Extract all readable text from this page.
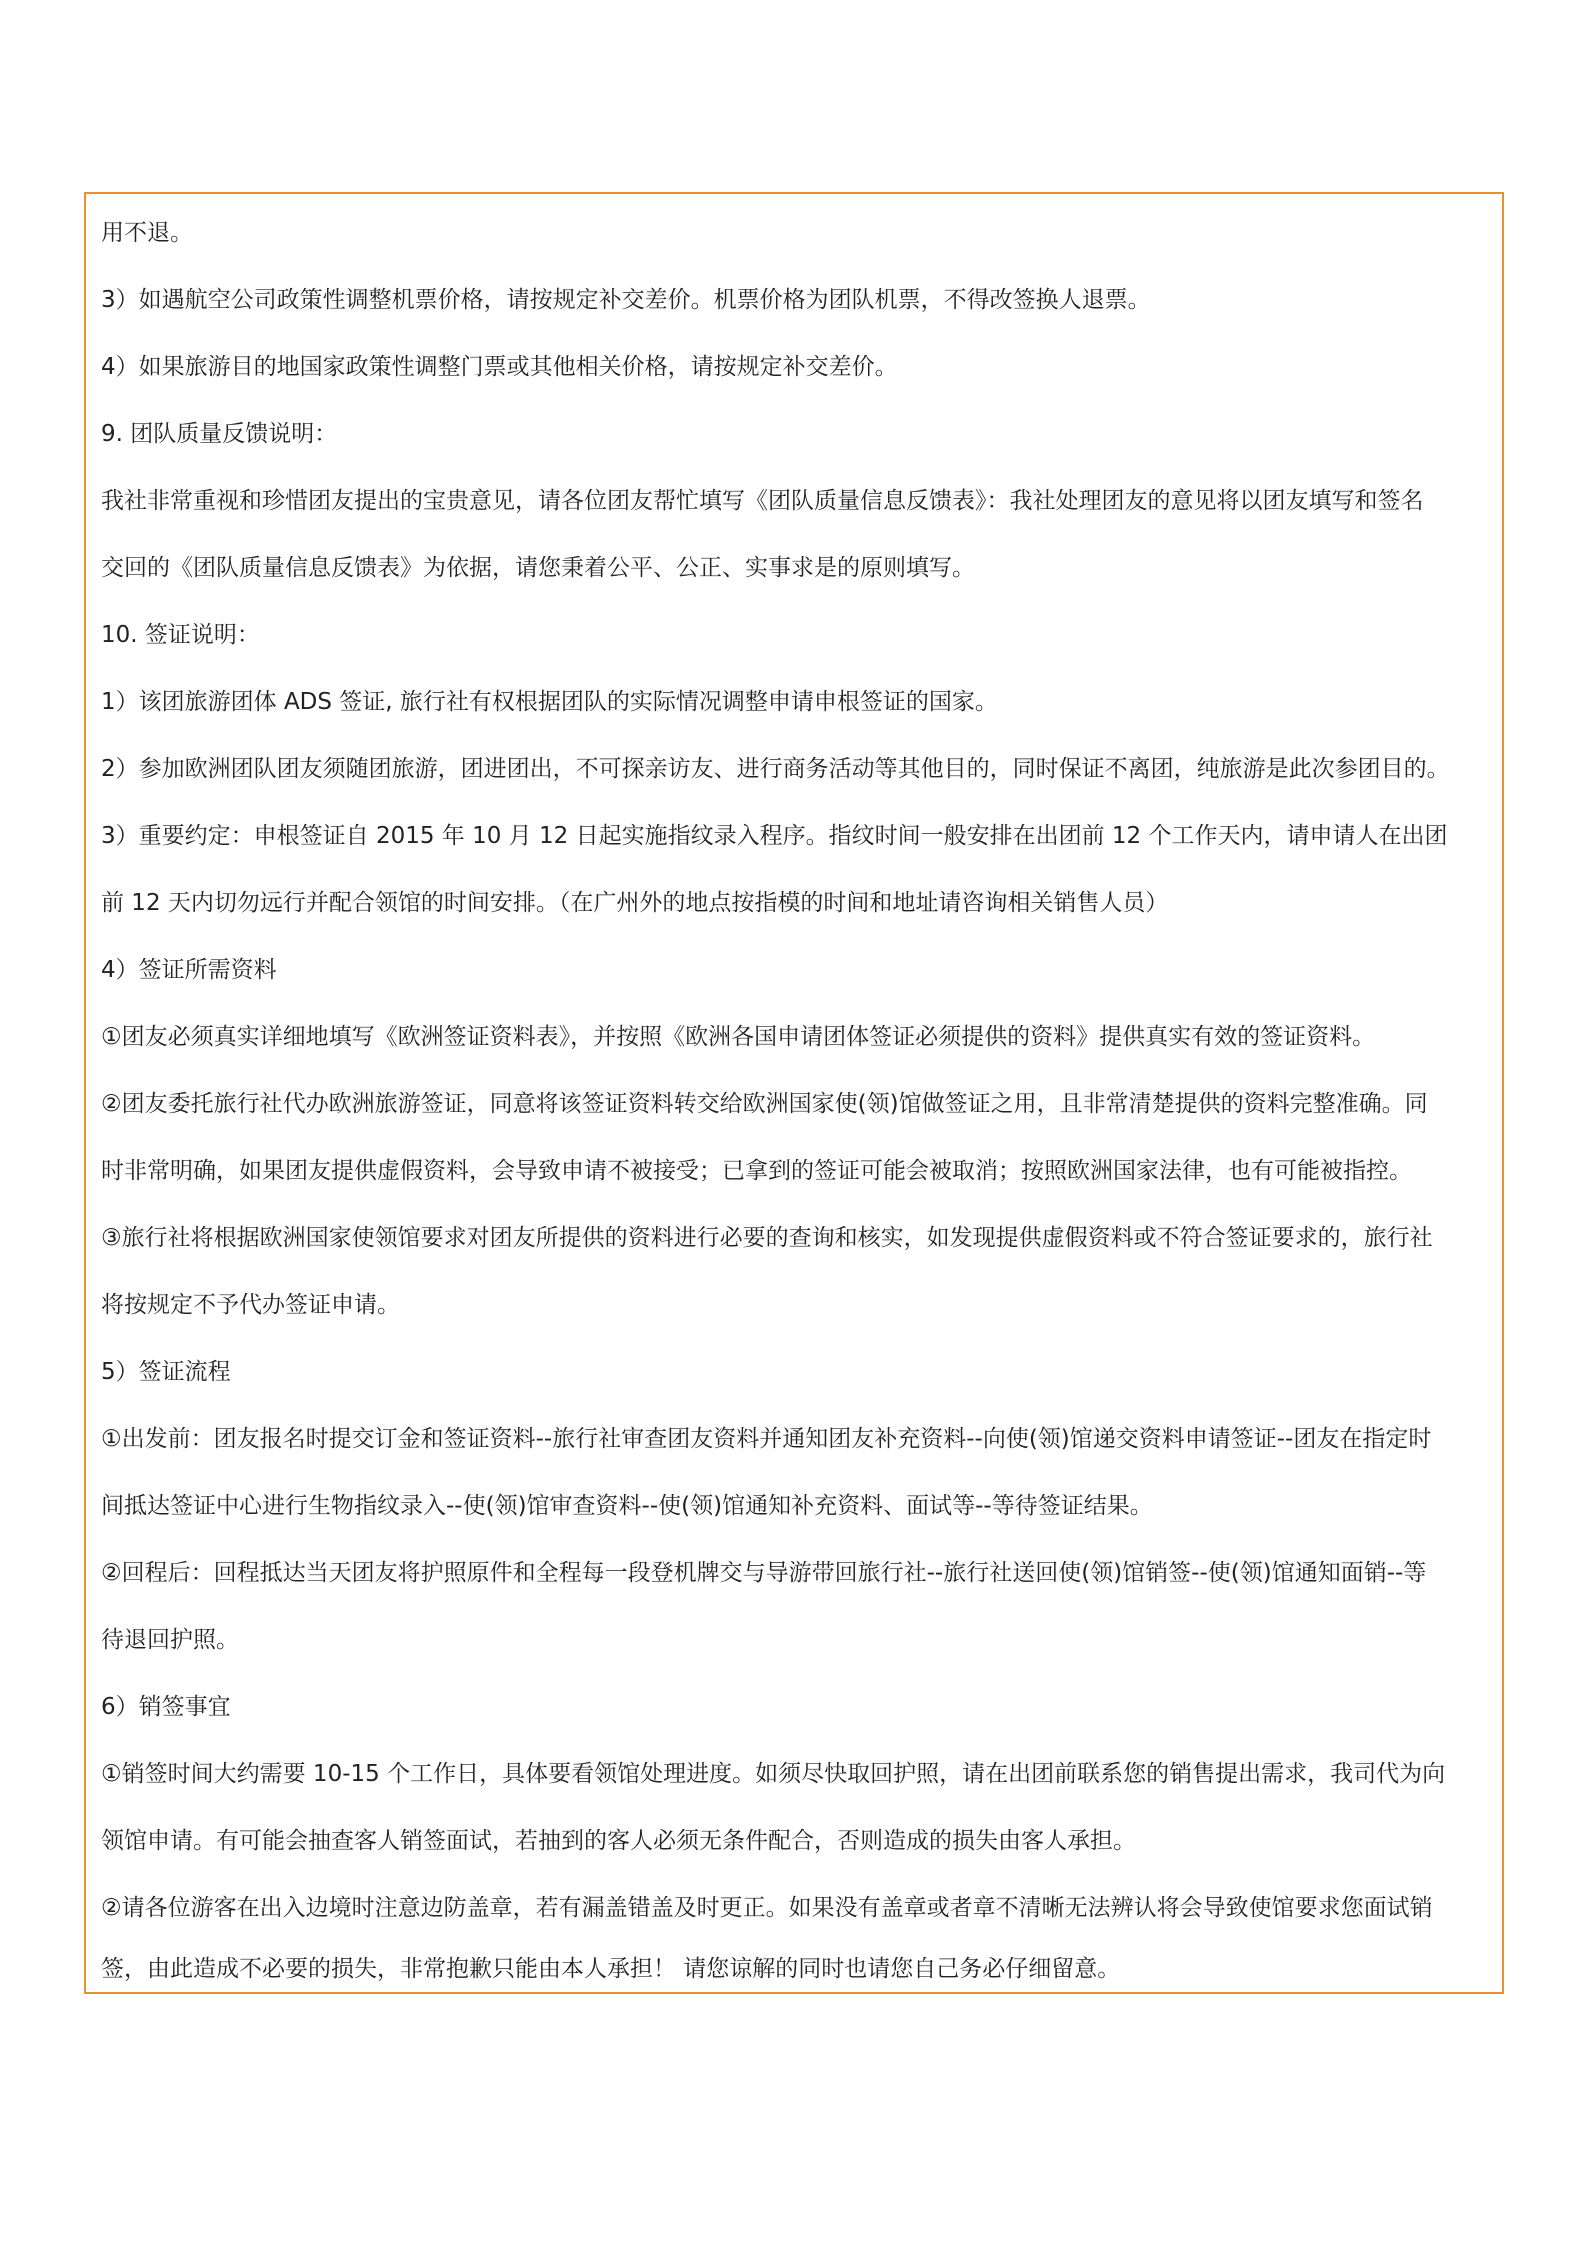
用不退。
3）如遇航空公司政策性调整机票价格，请按规定补交差价。机票价格为团队机票，不得改签换人退票。
4）如果旅游目的地国家政策性调整门票或其他相关价格，请按规定补交差价。
9. 团队质量反馈说明：
我社非常重视和珍惜团友提出的宝贵意见，请各位团友帮忙填写《团队质量信息反馈表》：我社处理团友的意见将以团友填写和签名
交回的《团队质量信息反馈表》为依据，请您秉着公平、公正、实事求是的原则填写。
10. 签证说明：
1）该团旅游团体 ADS 签证, 旅行社有权根据团队的实际情况调整申请申根签证的国家。
2）参加欧洲团队团友须随团旅游，团进团出，不可探亲访友、进行商务活动等其他目的，同时保证不离团，纯旅游是此次参团目的。
3）重要约定：申根签证自 2015 年 10 月 12 日起实施指纹录入程序。指纹时间一般安排在出团前 12 个工作天内，请申请人在出团
前 12 天内切勿远行并配合领馆的时间安排。（在广州外的地点按指模的时间和地址请咨询相关销售人员）
4）签证所需资料
①团友必须真实详细地填写《欧洲签证资料表》，并按照《欧洲各国申请团体签证必须提供的资料》提供真实有效的签证资料。
②团友委托旅行社代办欧洲旅游签证，同意将该签证资料转交给欧洲国家使(领)馆做签证之用，且非常清楚提供的资料完整准确。同
时非常明确，如果团友提供虚假资料，会导致申请不被接受；已拿到的签证可能会被取消；按照欧洲国家法律，也有可能被指控。
③旅行社将根据欧洲国家使领馆要求对团友所提供的资料进行必要的查询和核实，如发现提供虚假资料或不符合签证要求的，旅行社
将按规定不予代办签证申请。
5）签证流程
①出发前：团友报名时提交订金和签证资料--旅行社审查团友资料并通知团友补充资料--向使(领)馆递交资料申请签证--团友在指定时
间抵达签证中心进行生物指纹录入--使(领)馆审查资料--使(领)馆通知补充资料、面试等--等待签证结果。
②回程后：回程抵达当天团友将护照原件和全程每一段登机牌交与导游带回旅行社--旅行社送回使(领)馆销签--使(领)馆通知面销--等
待退回护照。
6）销签事宜
①销签时间大约需要 10-15 个工作日，具体要看领馆处理进度。如须尽快取回护照，请在出团前联系您的销售提出需求，我司代为向
领馆申请。有可能会抽查客人销签面试，若抽到的客人必须无条件配合，否则造成的损失由客人承担。
②请各位游客在出入边境时注意边防盖章，若有漏盖错盖及时更正。如果没有盖章或者章不清晰无法辨认将会导致使馆要求您面试销
签，由此造成不必要的损失，非常抱歉只能由本人承担！ 请您谅解的同时也请您自己务必仔细留意。
